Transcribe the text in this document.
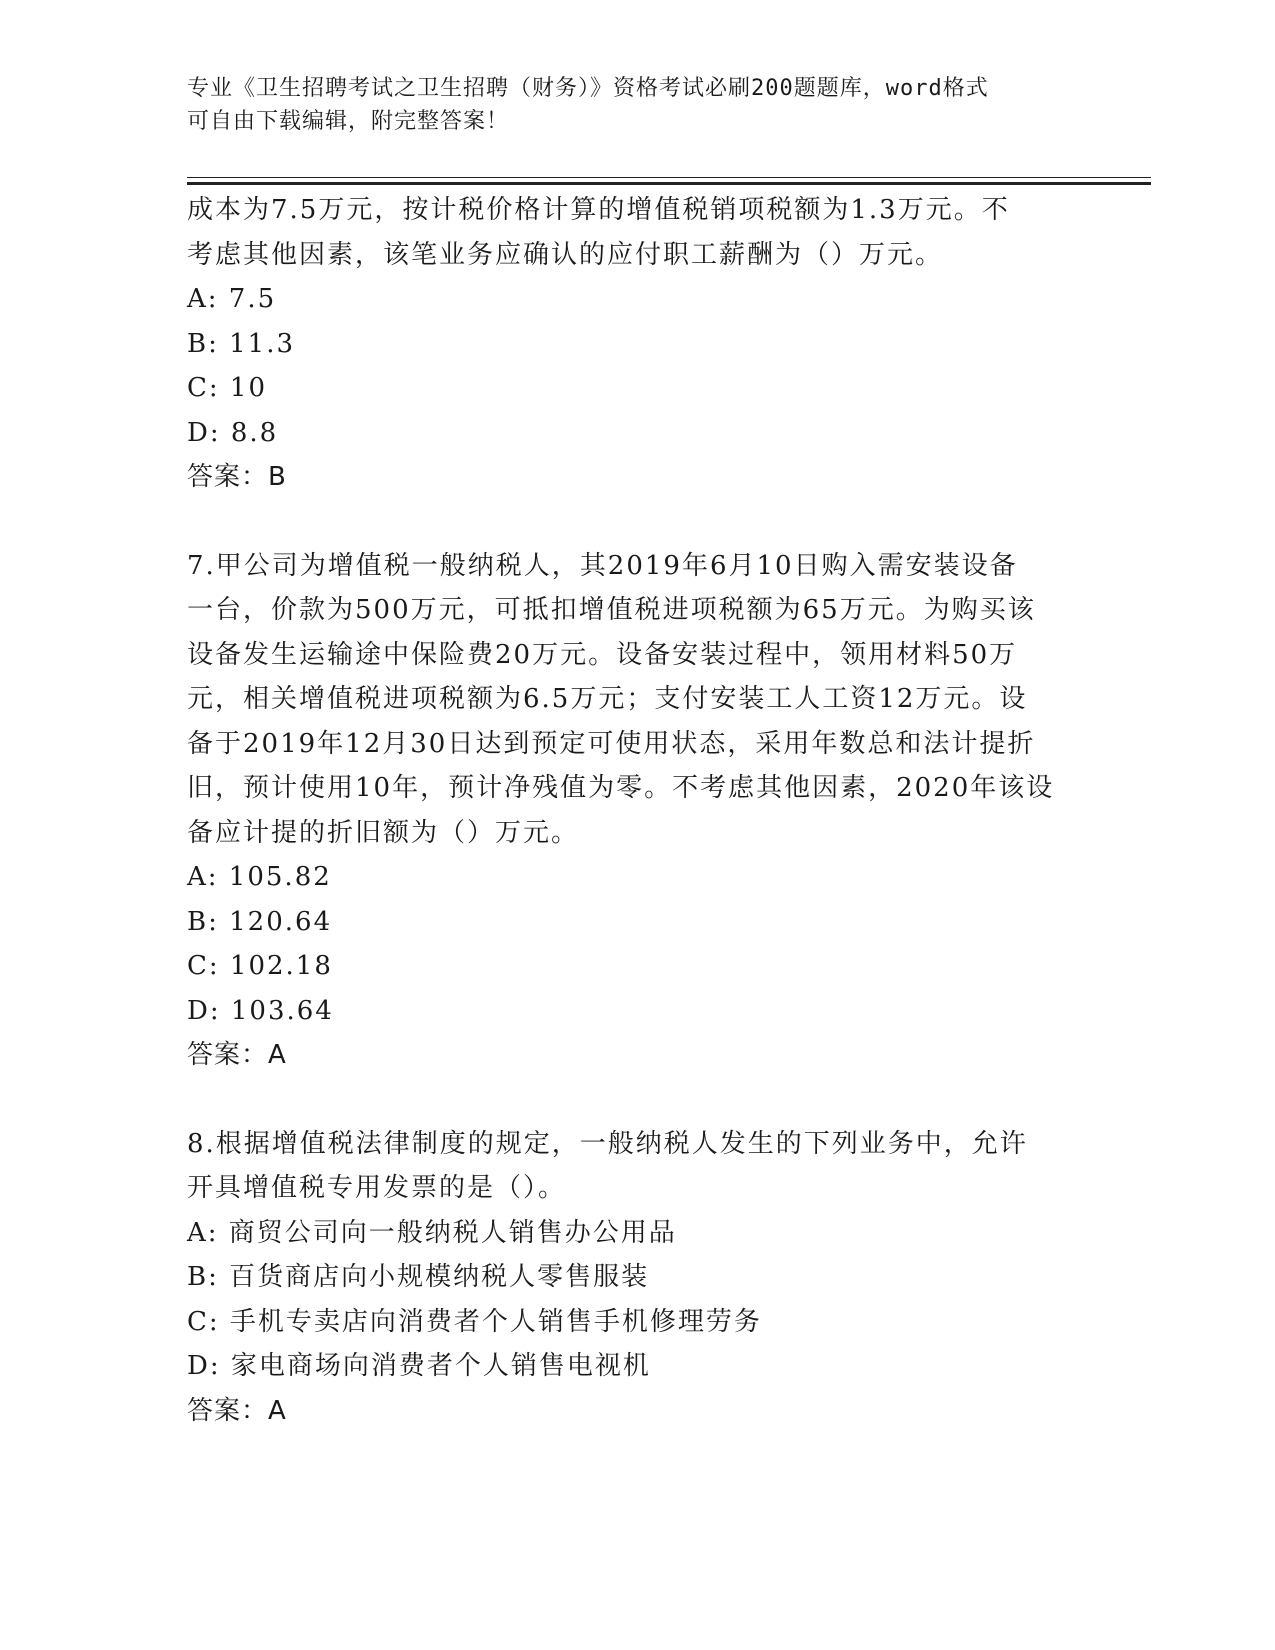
专业《卫生招聘考试之卫生招聘（财务）》资格考试必刷200题题库，word格式
可自由下载编辑，附完整答案！
成本为7.5万元，按计税价格计算的增值税销项税额为1.3万元。不
考虑其他因素，该笔业务应确认的应付职工薪酬为（）万元。
A: 7.5
B: 11.3
C: 10
D: 8.8
答案：B
7.甲公司为增值税一般纳税人，其2019年6月10日购入需安装设备
一台，价款为500万元，可抵扣增值税进项税额为65万元。为购买该
设备发生运输途中保险费20万元。设备安装过程中，领用材料50万
元，相关增值税进项税额为6.5万元；支付安装工人工资12万元。设
备于2019年12月30日达到预定可使用状态，采用年数总和法计提折
旧，预计使用10年，预计净残值为零。不考虑其他因素，2020年该设
备应计提的折旧额为（）万元。
A: 105.82
B: 120.64
C: 102.18
D: 103.64
答案：A
8.根据增值税法律制度的规定，一般纳税人发生的下列业务中，允许
开具增值税专用发票的是（）。
A: 商贸公司向一般纳税人销售办公用品
B: 百货商店向小规模纳税人零售服装
C: 手机专卖店向消费者个人销售手机修理劳务
D: 家电商场向消费者个人销售电视机
答案：A
